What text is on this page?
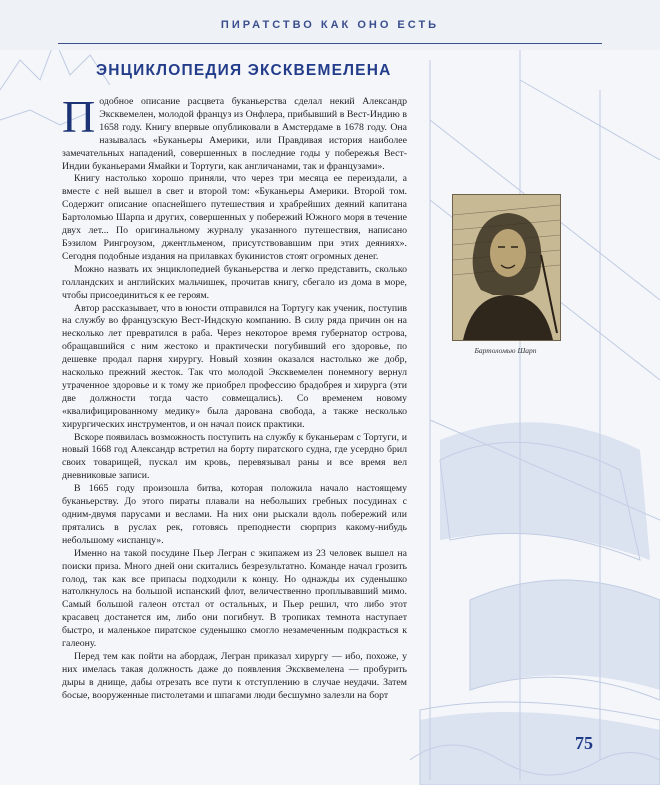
ПИРАТСТВО КАК ОНО ЕСТЬ
ЭНЦИКЛОПЕДИЯ ЭКСКВЕМЕЛЕНА

Подобное описание расцвета буканьерства сделал некий Александр Эксквемелен, молодой француз из Онфлера, прибывший в Вест-Индию в 1658 году. Книгу впервые опубликовали в Амстердаме в 1678 году. Она называлась «Буканьеры Америки, или Правдивая история наиболее замечательных нападений, совершенных в последние годы у побережья Вест-Индии буканьерами Ямайки и Тортуги, как англичанами, так и французами».

Книгу настолько хорошо приняли, что через три месяца ее переиздали, а вместе с ней вышел в свет и второй том: «Буканьеры Америки. Второй том. Содержит описание опаснейшего путешествия и храбрейших деяний капитана Бартоломью Шарпа и других, совершенных у побережий Южного моря в течение двух лет... По оригинальному журналу указанного путешествия, написано Бэзилом Рингроузом, джентльменом, присутствовавшим при этих деяниях». Сегодня подобные издания на прилавках букинистов стоят огромных денег.

Можно назвать их энциклопедией буканьерства и легко представить, сколько голландских и английских мальчишек, прочитав книгу, сбегало из дома в море, чтобы присоединиться к ее героям.

Автор рассказывает, что в юности отправился на Тортугу как ученик, поступив на службу во французскую Вест-Индскую компанию. В силу ряда причин он на несколько лет превратился в раба. Через некоторое время губернатор острова, обращавшийся с ним жестоко и практически погубивший его здоровье, по дешевке продал парня хирургу. Новый хозяин оказался настолько же добр, насколько прежний жесток. Так что молодой Эксквемелен понемногу вернул утраченное здоровье и к тому же приобрел профессию брадобрея и хирурга (эти две должности тогда часто совмещались). Со временем новому «квалифицированному медику» была дарована свобода, а также несколько хирургических инструментов, и он начал поиск практики.

Вскоре появилась возможность поступить на службу к буканьерам с Тортуги, и новый 1668 год Александр встретил на борту пиратского судна, где усердно брил своих товарищей, пускал им кровь, перевязывал раны и все время вел дневниковые записи.

В 1665 году произошла битва, которая положила начало настоящему буканьерству. До этого пираты плавали на небольших гребных посудинах с одним-двумя парусами и веслами. На них они рыскали вдоль побережий или прятались в руслах рек, готовясь преподнести сюрприз какому-нибудь небольшому «испанцу».

Именно на такой посудине Пьер Легран с экипажем из 23 человек вышел на поиски приза. Много дней они скитались безрезультатно. Команде начал грозить голод, так как все припасы подходили к концу. Но однажды их суденышко натолкнулось на большой испанский флот, величественно проплывавший мимо. Самый большой галеон отстал от остальных, и Пьер решил, что либо этот красавец достанется им, либо они погибнут. В тропиках темнота наступает быстро, и маленькое пиратское суденышко смогло незамеченным подкрасться к галеону.

Перед тем как пойти на абордаж, Легран приказал хирургу — ибо, похоже, у них имелась такая должность даже до появления Эксквемелена — пробурить дыры в днище, дабы отрезать все пути к отступлению в случае неудачи. Затем босые, вооруженные пистолетами и шпагами люди бесшумно залезли на борт

Бартоломью Шарп
75
